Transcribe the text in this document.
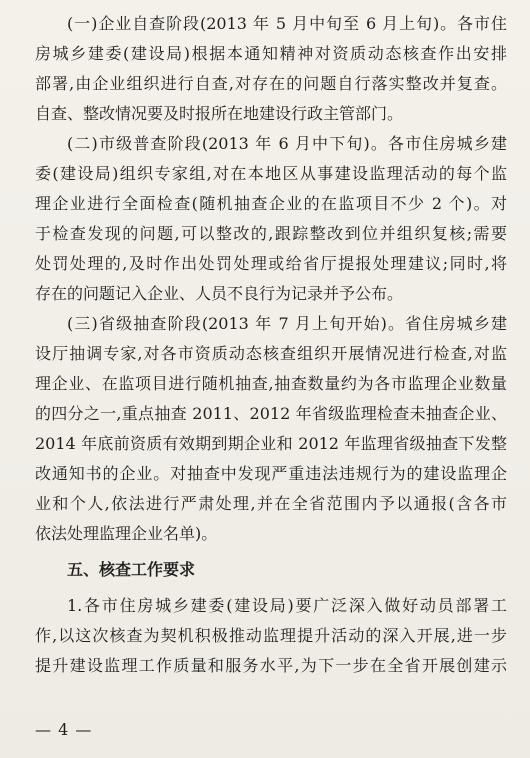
(一)企业自查阶段(2013 年 5 月中旬至 6 月上旬)。各市住
房城乡建委(建设局)根据本通知精神对资质动态核查作出安排
部署,由企业组织进行自查,对存在的问题自行落实整改并复查。
自查、整改情况要及时报所在地建设行政主管部门。
(二)市级普查阶段(2013 年 6 月中下旬)。各市住房城乡建
委(建设局)组织专家组,对在本地区从事建设监理活动的每个监
理企业进行全面检查(随机抽查企业的在监项目不少 2 个)。对
于检查发现的问题,可以整改的,跟踪整改到位并组织复核;需要
处罚处理的,及时作出处罚处理或给省厅提报处理建议;同时,将
存在的问题记入企业、人员不良行为记录并予公布。
(三)省级抽查阶段(2013 年 7 月上旬开始)。省住房城乡建
设厅抽调专家,对各市资质动态核查组织开展情况进行检查,对监
理企业、在监项目进行随机抽查,抽查数量约为各市监理企业数量
的四分之一,重点抽查 2011、2012 年省级监理检查未抽查企业、
2014 年底前资质有效期到期企业和 2012 年监理省级抽查下发整
改通知书的企业。对抽查中发现严重违法违规行为的建设监理企
业和个人,依法进行严肃处理,并在全省范围内予以通报(含各市
依法处理监理企业名单)。
五、核查工作要求
1.各市住房城乡建委(建设局)要广泛深入做好动员部署工
作,以这次核查为契机积极推动监理提升活动的深入开展,进一步
提升建设监理工作质量和服务水平,为下一步在全省开展创建示
— 4 —
